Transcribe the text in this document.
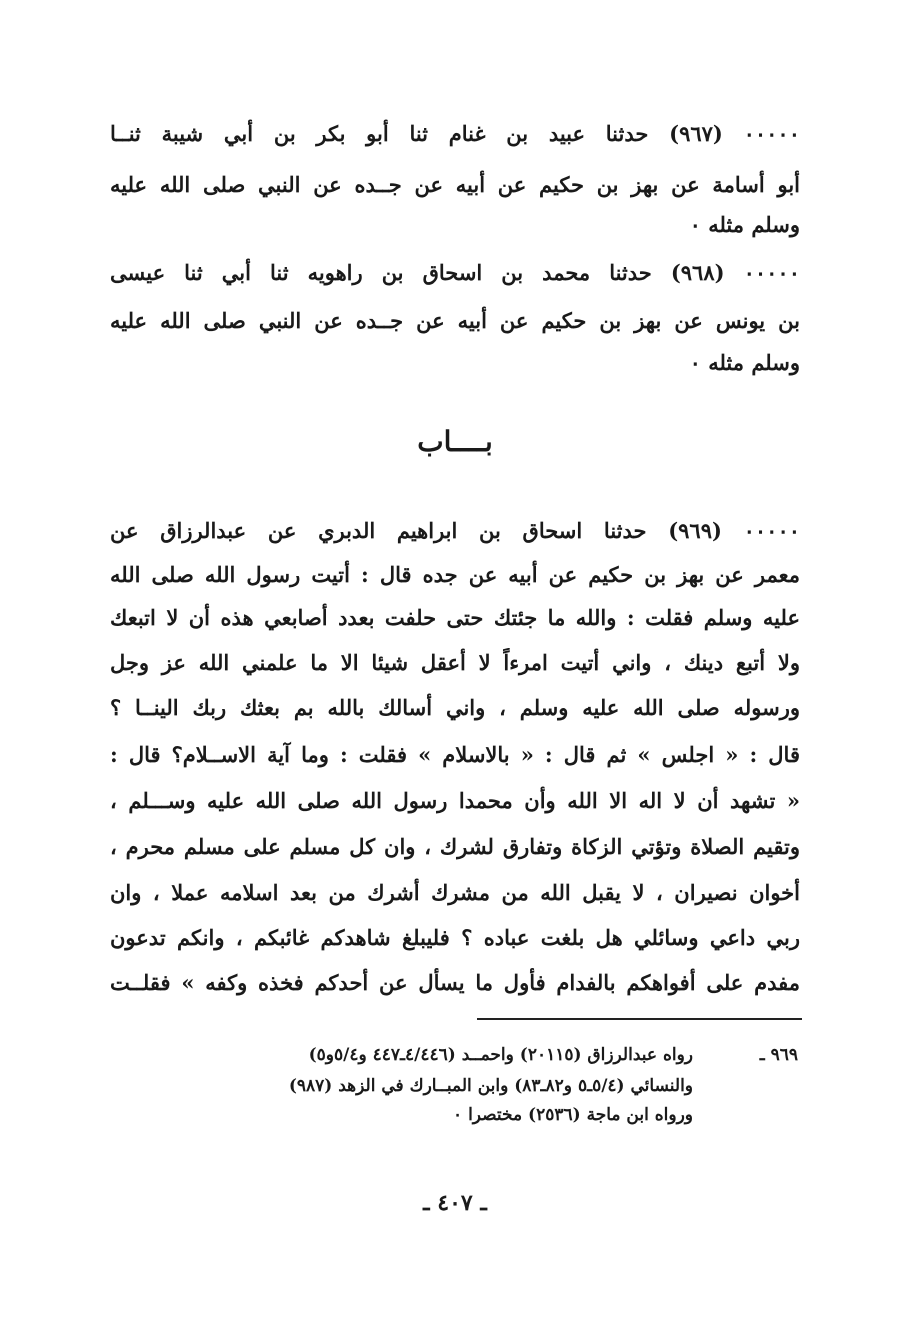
٠٠٠٠٠ (٩٦٧) حدثنا عبيد بن غنام ثنا أبو بكر بن أبي شيبة ثنــا
أبو أسامة عن بهز بن حكيم عن أبيه عن جــده عن النبي صلى الله عليه
وسلم مثله ٠
٠٠٠٠٠ (٩٦٨) حدثنا محمد بن اسحاق بن راهويه ثنا أبي ثنا عيسى
بن يونس عن بهز بن حكيم عن أبيه عن جــده عن النبي صلى الله عليه
وسلم مثله ٠
بــــاب
٠٠٠٠٠ (٩٦٩) حدثنا اسحاق بن ابراهيم الدبري عن عبدالرزاق عن
معمر عن بهز بن حكيم عن أبيه عن جده قال : أتيت رسول الله صلى الله
عليه وسلم فقلت : والله ما جئتك حتى حلفت بعدد أصابعي هذه أن لا اتبعك
ولا أتبع دينك ، واني أتيت امرءاً لا أعقل شيئا الا ما علمني الله عز وجل
ورسوله صلى الله عليه وسلم ، واني أسالك بالله بم بعثك ربك الينــا ؟
قال : « اجلس » ثم قال : « بالاسلام » فقلت : وما آية الاســلام؟ قال :
« تشهد أن لا اله الا الله وأن محمدا رسول الله صلى الله عليه وســـلم ،
وتقيم الصلاة وتؤتي الزكاة وتفارق لشرك ، وان كل مسلم على مسلم محرم ،
أخوان نصيران ، لا يقبل الله من مشرك أشرك من بعد اسلامه عملا ، وان
ربي داعي وسائلي هل بلغت عباده ؟ فليبلغ شاهدكم غائبكم ، وانكم تدعون
مفدم على أفواهكم بالفدام فأول ما يسأل عن أحدكم فخذه وكفه » فقلــت
٩٦٩ ـ
رواه عبدالرزاق (٢٠١١٥) واحمــد (٤/٤٤٦ـ٤٤٧ و٥/٤و٥)
والنسائي (٥/٤ـ٥ و٨٢ـ٨٣) وابن المبــارك في الزهد (٩٨٧)
ورواه ابن ماجة (٢٥٣٦) مختصرا ٠
ـ ٤٠٧ ـ
